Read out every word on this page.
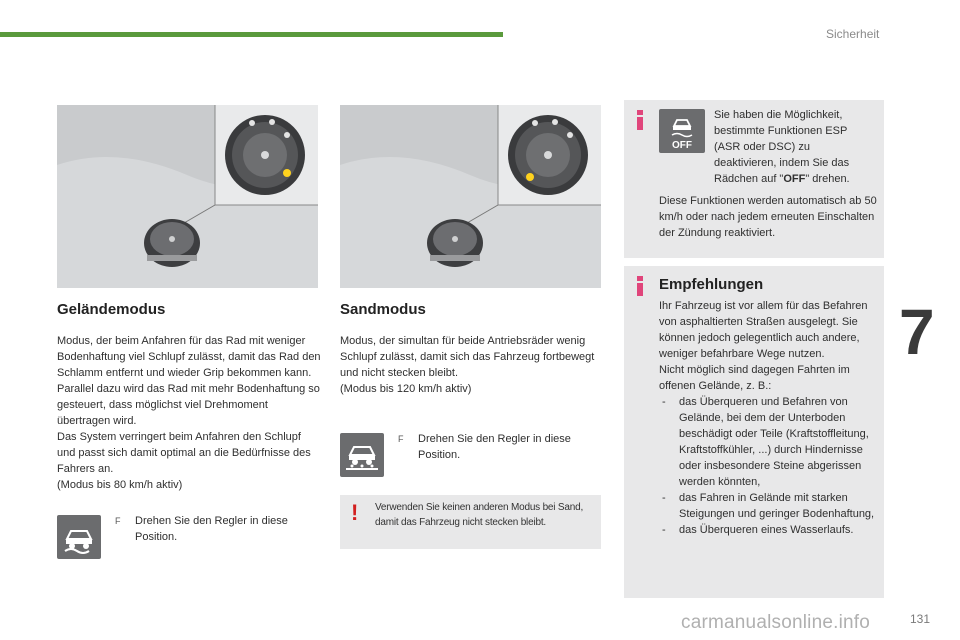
Sicherheit
7
Geländemodus

Modus, der beim Anfahren für das Rad mit weniger Bodenhaftung viel Schlupf zulässt, damit das Rad den Schlamm entfernt und wieder Grip bekommen kann. Parallel dazu wird das Rad mit mehr Bodenhaftung so gesteuert, dass möglichst viel Drehmoment übertragen wird.

Das System verringert beim Anfahren den Schlupf und passt sich damit optimal an die Bedürfnisse des Fahrers an.

(Modus bis 80 km/h aktiv)

F	Drehen Sie den Regler in diese Position.
Sandmodus

Modus, der simultan für beide Antriebsräder wenig Schlupf zulässt, damit sich das Fahrzeug fortbewegt und nicht stecken bleibt.

(Modus bis 120 km/h aktiv)

F	Drehen Sie den Regler in diese Position.
! Verwenden Sie keinen anderen Modus bei Sand, damit das Fahrzeug nicht stecken bleibt.
OFF
Sie haben die Möglichkeit, bestimmte Funktionen ESP (ASR oder DSC) zu deaktivieren, indem Sie das Rädchen auf "OFF" drehen.
Diese Funktionen werden automatisch ab 50 km/h oder nach jedem erneuten Einschalten der Zündung reaktiviert.
Empfehlungen

Ihr Fahrzeug ist vor allem für das Befahren von asphaltierten Straßen ausgelegt. Sie können jedoch gelegentlich auch andere, weniger befahrbare Wege nutzen.

Nicht möglich sind dagegen Fahrten im offenen Gelände, z. B.:

- das Überqueren und Befahren von Gelände, bei dem der Unterboden beschädigt oder Teile (Kraftstoffleitung, Kraftstoffkühler, ...) durch Hindernisse oder insbesondere Steine abgerissen werden könnten,
- das Fahren in Gelände mit starken Steigungen und geringer Bodenhaftung,
- das Überqueren eines Wasserlaufs.
carmanualsonline.info	131
